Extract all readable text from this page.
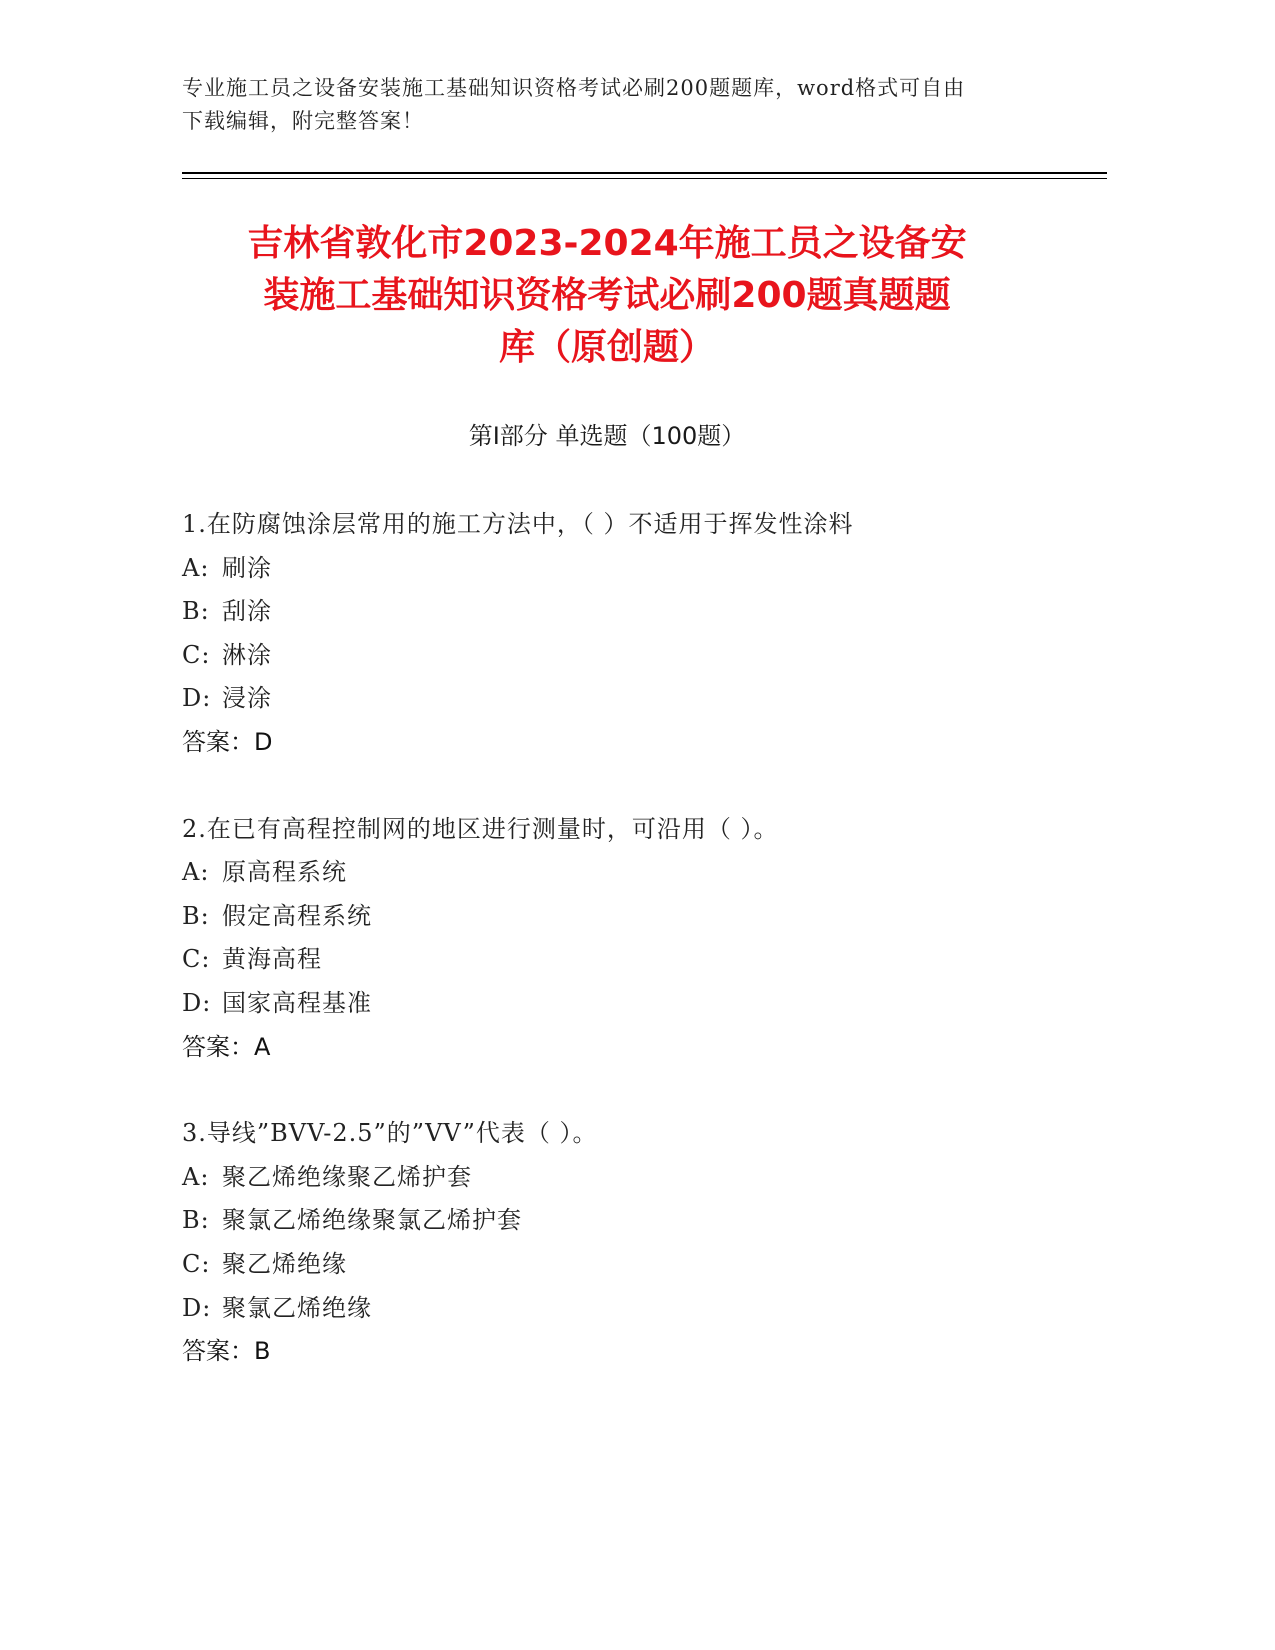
专业施工员之设备安装施工基础知识资格考试必刷200题题库，word格式可自由
下载编辑，附完整答案！
吉林省敦化市2023-2024年施工员之设备安
装施工基础知识资格考试必刷200题真题题
库（原创题）
第Ⅰ部分 单选题（100题）
1.在防腐蚀涂层常用的施工方法中，（ ）不适用于挥发性涂料
A: 刷涂
B: 刮涂
C: 淋涂
D: 浸涂
答案：D
2.在已有高程控制网的地区进行测量时，可沿用（ ）。
A: 原高程系统
B: 假定高程系统
C: 黄海高程
D: 国家高程基准
答案：A
3.导线”BVV-2.5”的”VV”代表（ ）。
A: 聚乙烯绝缘聚乙烯护套
B: 聚氯乙烯绝缘聚氯乙烯护套
C: 聚乙烯绝缘
D: 聚氯乙烯绝缘
答案：B
